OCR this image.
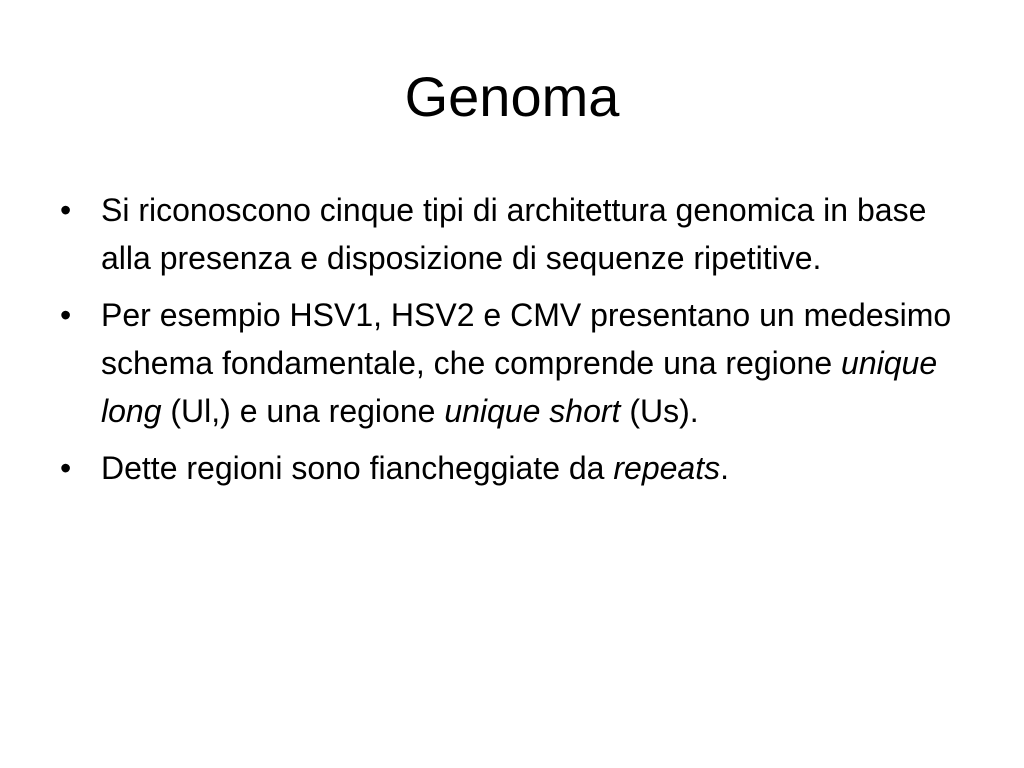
Genoma
• Si riconoscono cinque tipi di architettura genomica in base alla presenza e disposizione di sequenze ripetitive.
• Per esempio HSV1, HSV2 e CMV presentano un medesimo schema fondamentale, che comprende una regione unique long (Ul,) e una regione unique short (Us).
• Dette regioni sono fiancheggiate da repeats.
